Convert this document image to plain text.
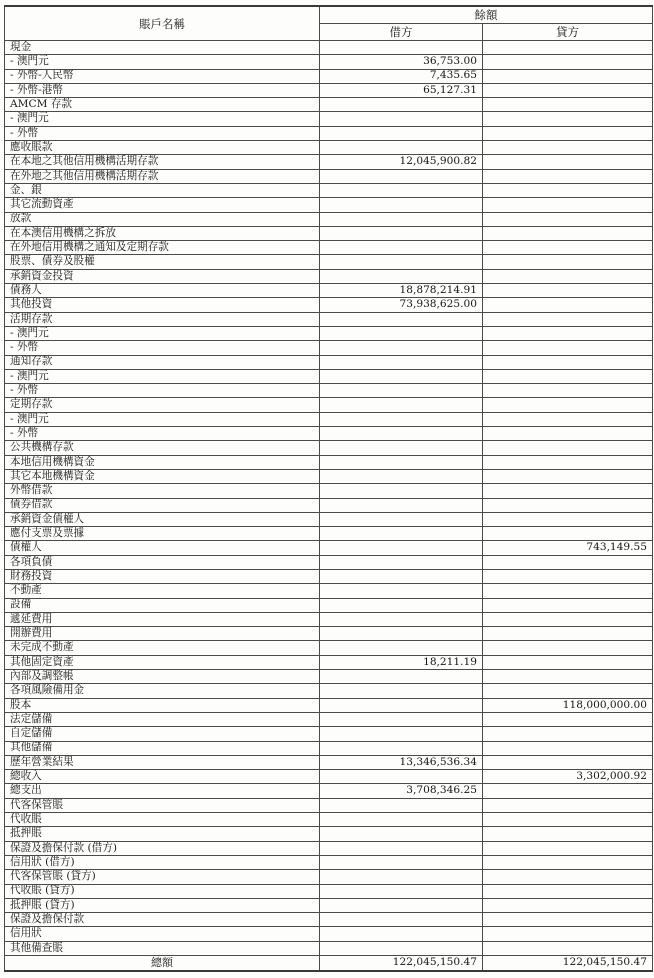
賬戶名稱	餘額	
	借方	貸方
現金		
- 澳門元	36,753.00	
- 外幣-人民幣	7,435.65	
- 外幣-港幣	65,127.31	
AMCM 存款		
- 澳門元		
- 外幣		
應收賬款		
在本地之其他信用機構活期存款	12,045,900.82	
在外地之其他信用機構活期存款		
金、銀		
其它流動資產		
放款		
在本澳信用機構之拆放		
在外地信用機構之通知及定期存款		
股票、債券及股權		
承銷資金投資		
債務人	18,878,214.91	
其他投資	73,938,625.00	
活期存款		
- 澳門元		
- 外幣		
通知存款		
- 澳門元		
- 外幣		
定期存款		
- 澳門元		
- 外幣		
公共機構存款		
本地信用機構資金		
其它本地機構資金		
外幣借款		
債券借款		
承銷資金債權人		
應付支票及票據		
債權人		743,149.55
各項負債		
財務投資		
不動產		
設備		
遞延費用		
開辦費用		
未完成不動產		
其他固定資產	18,211.19	
內部及調整帳		
各項風險備用金		
股本		118,000,000.00
法定儲備		
自定儲備		
其他儲備		
歷年營業結果	13,346,536.34	
總收入		3,302,000.92
總支出	3,708,346.25	
代客保管賬		
代收賬		
抵押賬		
保證及擔保付款 (借方)		
信用狀 (借方)		
代客保管賬 (貸方)		
代收賬 (貸方)		
抵押賬 (貸方)		
保證及擔保付款		
信用狀		
其他備查賬		
總額	122,045,150.47	122,045,150.47
